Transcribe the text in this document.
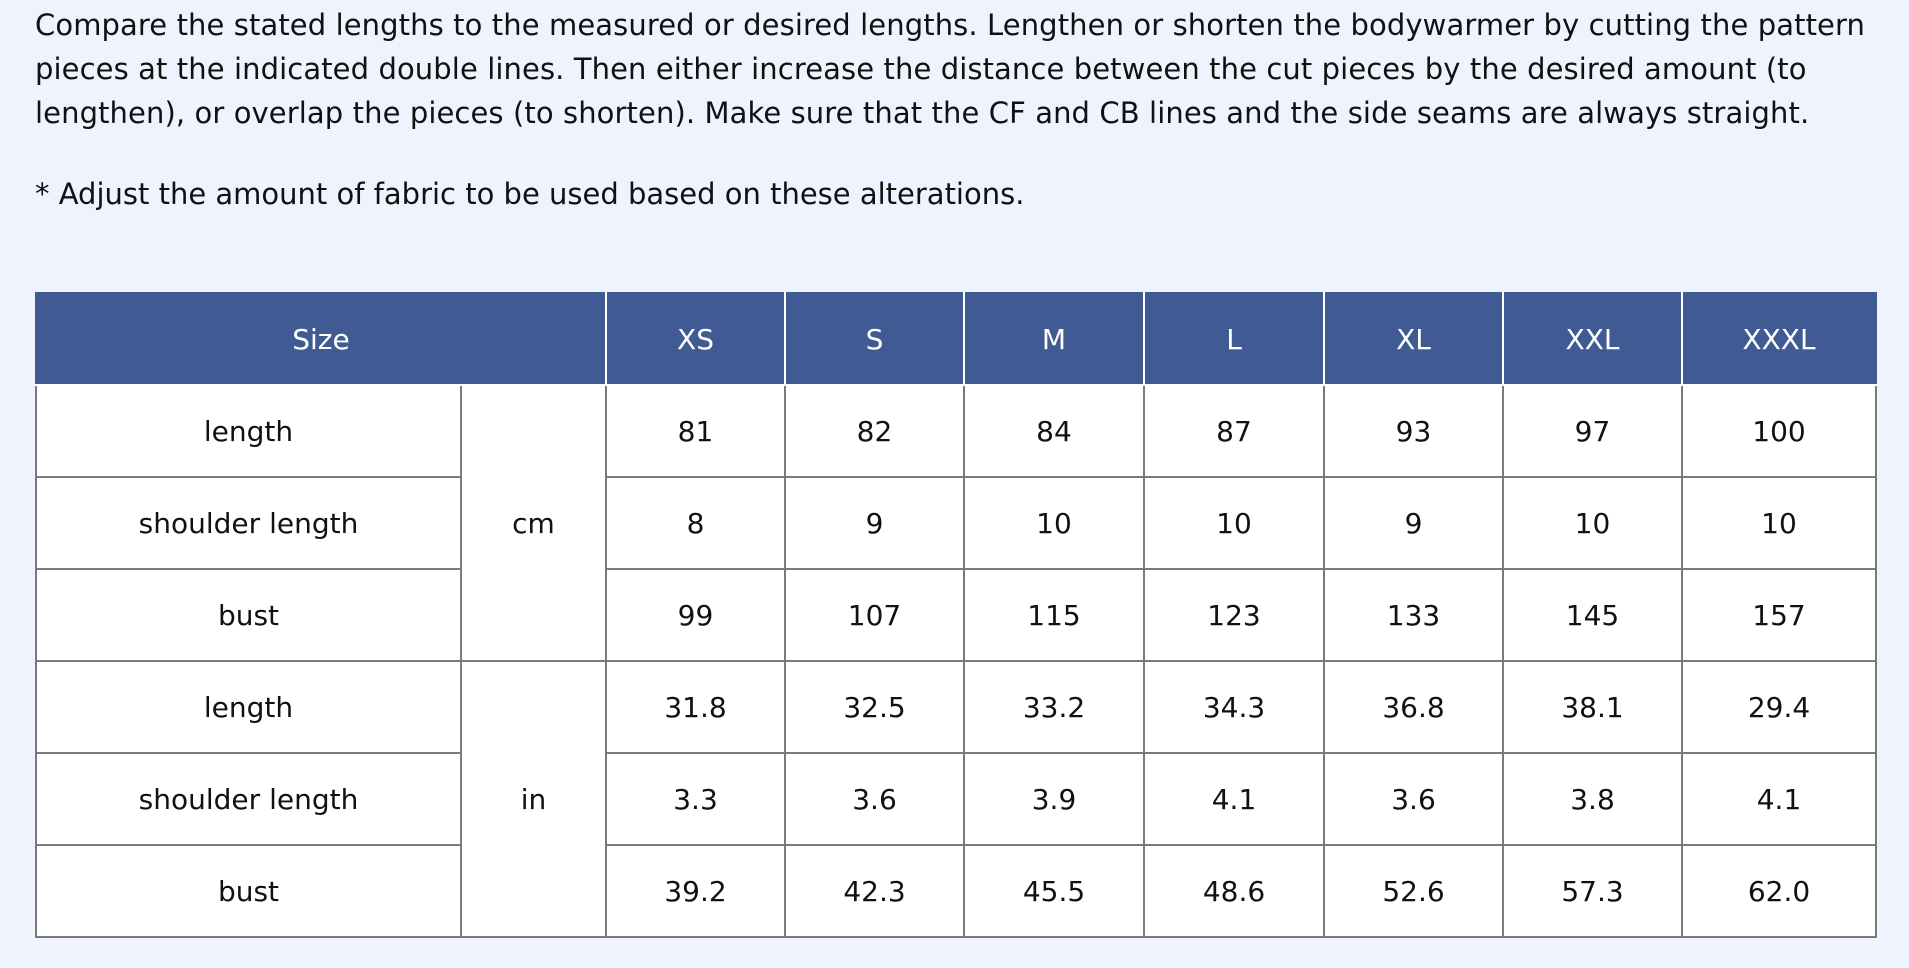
Compare the stated lengths to the measured or desired lengths. Lengthen or shorten the bodywarmer by cutting the pattern pieces at the indicated double lines. Then either increase the distance between the cut pieces by the desired amount (to lengthen), or overlap the pieces (to shorten). Make sure that the CF and CB lines and the side seams are always straight.

* Adjust the amount of fabric to be used based on these alterations.

Size		XS	S	M	L	XL	XXL	XXXL
length	cm	81	82	84	87	93	97	100
shoulder length		8	9	10	10	9	10	10
bust		99	107	115	123	133	145	157
length	in	31.8	32.5	33.2	34.3	36.8	38.1	29.4
shoulder length		3.3	3.6	3.9	4.1	3.6	3.8	4.1
bust		39.2	42.3	45.5	48.6	52.6	57.3	62.0
